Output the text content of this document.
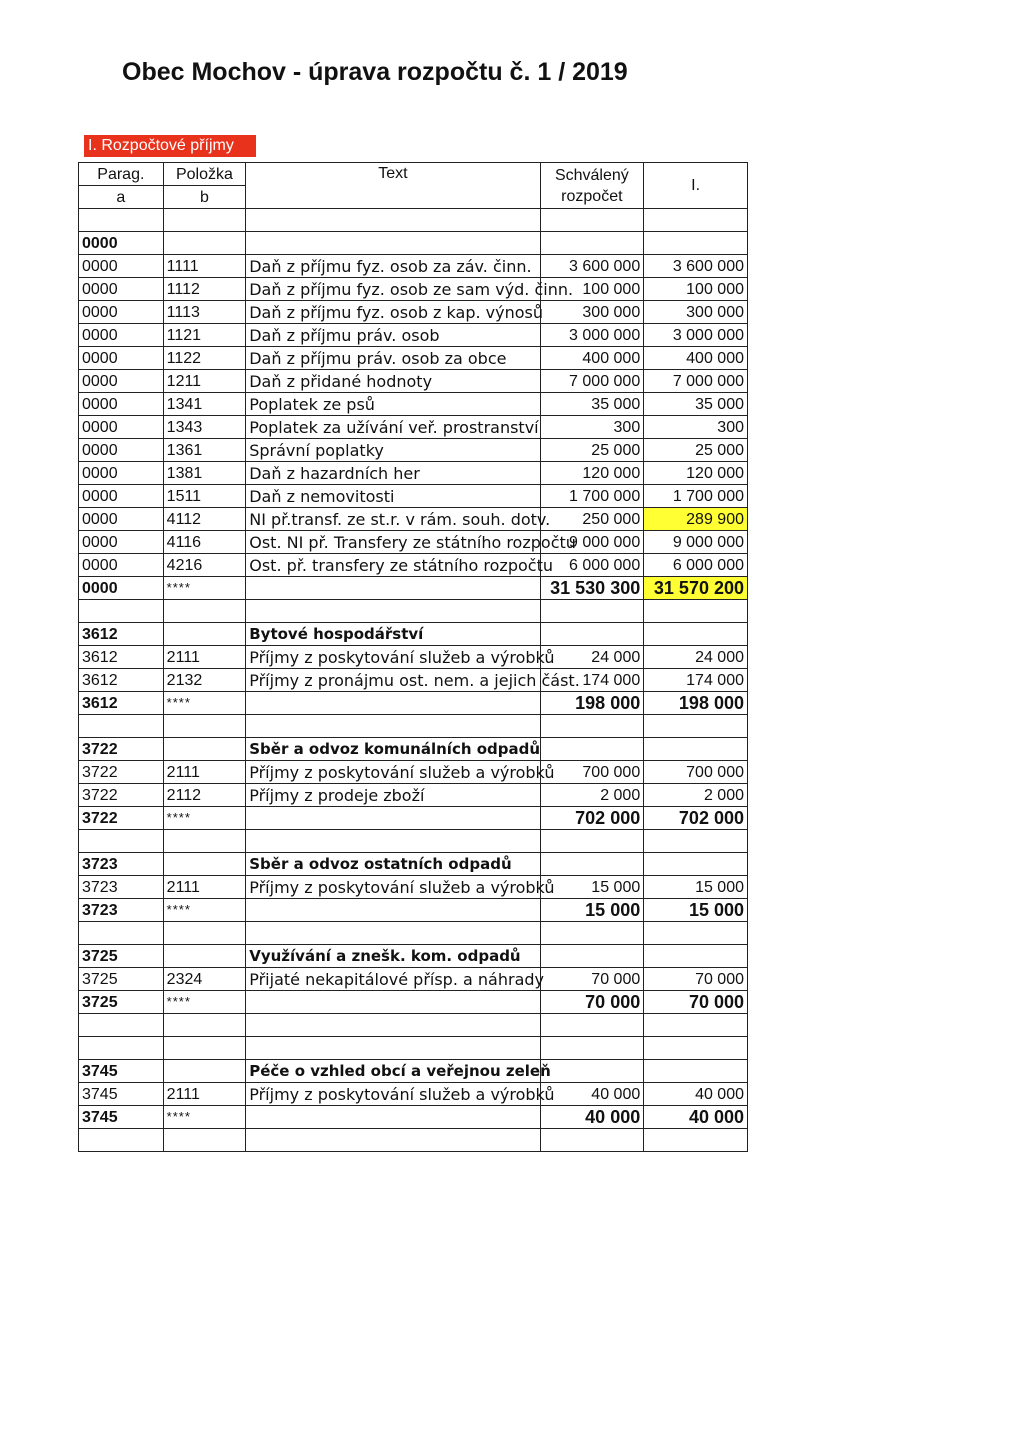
Obec Mochov - úprava rozpočtu č. 1 / 2019
I. Rozpočtové příjmy
Parag.	Položka	Text	Schválený
rozpočet	I.
a	b			

0000				
0000	1111	Daň z příjmu fyz. osob za záv. činn.	3 600 000	3 600 000
0000	1112	Daň z příjmu fyz. osob ze sam výd. činn.	100 000	100 000
0000	1113	Daň z příjmu fyz. osob z kap. výnosů	300 000	300 000
0000	1121	Daň z příjmu práv. osob	3 000 000	3 000 000
0000	1122	Daň z příjmu práv. osob za obce	400 000	400 000
0000	1211	Daň z přidané hodnoty	7 000 000	7 000 000
0000	1341	Poplatek ze psů	35 000	35 000
0000	1343	Poplatek za užívání veř. prostranství	300	300
0000	1361	Správní poplatky	25 000	25 000
0000	1381	Daň z hazardních her	120 000	120 000
0000	1511	Daň z nemovitosti	1 700 000	1 700 000
0000	4112	NI př.transf. ze st.r. v rám. souh. dotv.	250 000	289 900
0000	4116	Ost. NI př. Transfery ze státního rozpočtu	9 000 000	9 000 000
0000	4216	Ost. př. transfery ze státního rozpočtu	6 000 000	6 000 000
0000	****		31 530 300	31 570 200

3612		Bytové hospodářství		
3612	2111	Příjmy z poskytování služeb a výrobků	24 000	24 000
3612	2132	Příjmy z pronájmu ost. nem. a jejich část.	174 000	174 000
3612	****		198 000	198 000

3722		Sběr a odvoz komunálních odpadů		
3722	2111	Příjmy z poskytování služeb a výrobků	700 000	700 000
3722	2112	Příjmy z prodeje zboží	2 000	2 000
3722	****		702 000	702 000

3723		Sběr a odvoz ostatních odpadů		
3723	2111	Příjmy z poskytování služeb a výrobků	15 000	15 000
3723	****		15 000	15 000

3725		Využívání a znešk. kom. odpadů		
3725	2324	Přijaté nekapitálové přísp. a náhrady	70 000	70 000
3725	****		70 000	70 000

3745		Péče o vzhled obcí a veřejnou zeleň		
3745	2111	Příjmy z poskytování služeb a výrobků	40 000	40 000
3745	****		40 000	40 000
